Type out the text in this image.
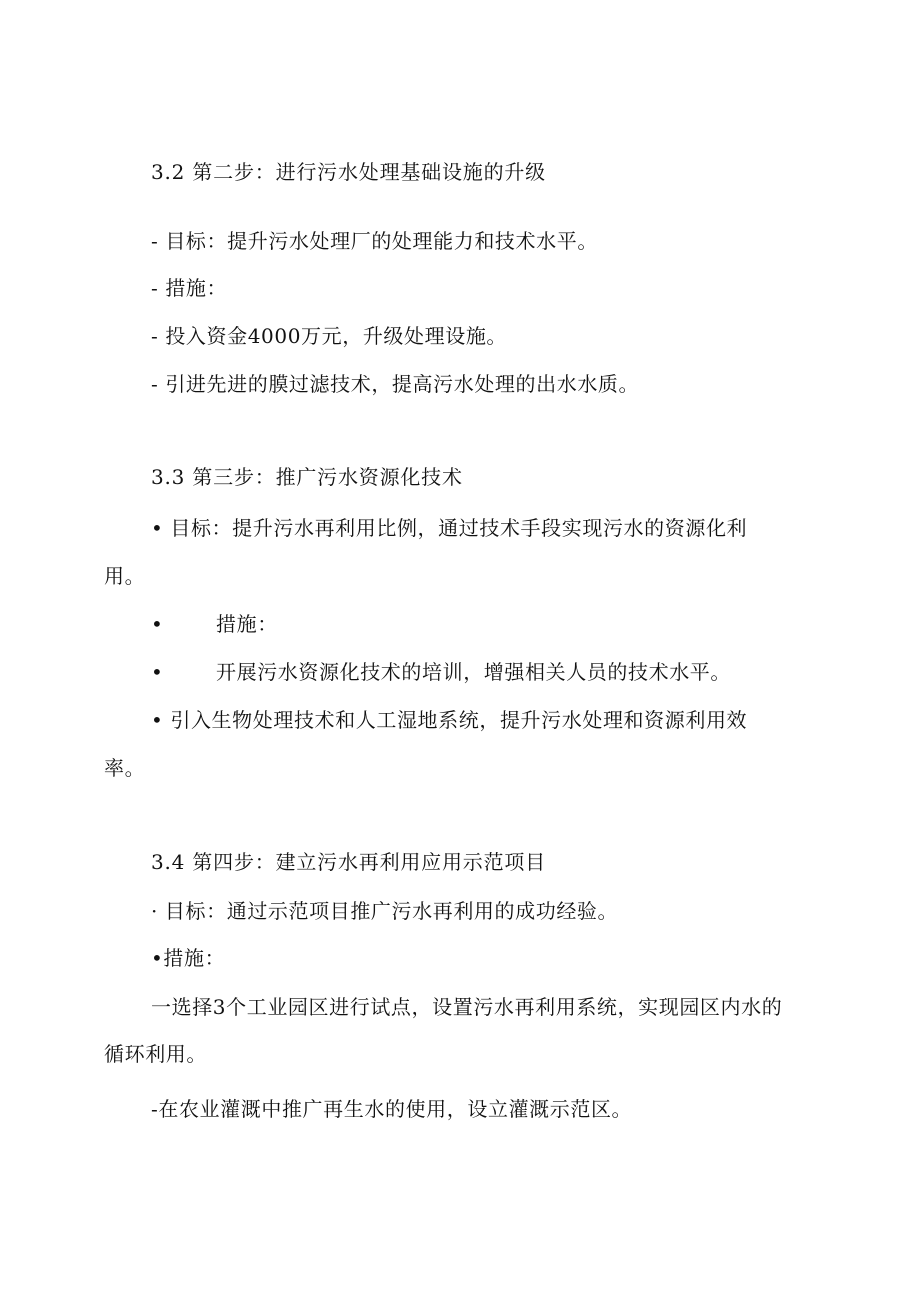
3.2 第二步：进行污水处理基础设施的升级
- 目标：提升污水处理厂的处理能力和技术水平。
- 措施：
- 投入资金4000万元，升级处理设施。
- 引进先进的膜过滤技术，提高污水处理的出水水质。
3.3 第三步：推广污水资源化技术
• 目标：提升污水再利用比例，通过技术手段实现污水的资源化利
用。
•	措施：
•	开展污水资源化技术的培训，增强相关人员的技术水平。
• 引入生物处理技术和人工湿地系统，提升污水处理和资源利用效
率。
3.4 第四步：建立污水再利用应用示范项目
· 目标：通过示范项目推广污水再利用的成功经验。
•措施：
一选择3个工业园区进行试点，设置污水再利用系统，实现园区内水的
循环利用。
-在农业灌溉中推广再生水的使用，设立灌溉示范区。
